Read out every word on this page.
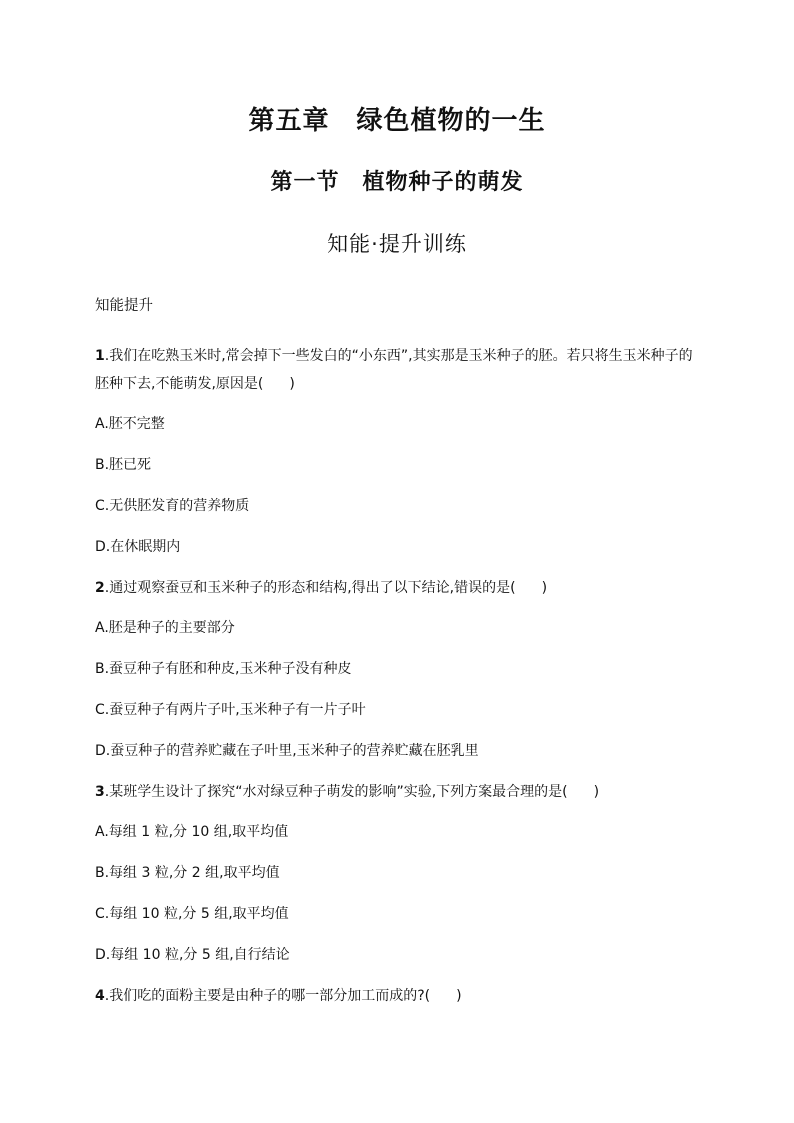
第五章　绿色植物的一生
第一节　植物种子的萌发
知能·提升训练
知能提升
1.我们在吃熟玉米时,常会掉下一些发白的“小东西”,其实那是玉米种子的胚。若只将生玉米种子的
胚种下去,不能萌发,原因是( )
A.胚不完整
B.胚已死
C.无供胚发育的营养物质
D.在休眠期内
2.通过观察蚕豆和玉米种子的形态和结构,得出了以下结论,错误的是( )
A.胚是种子的主要部分
B.蚕豆种子有胚和种皮,玉米种子没有种皮
C.蚕豆种子有两片子叶,玉米种子有一片子叶
D.蚕豆种子的营养贮藏在子叶里,玉米种子的营养贮藏在胚乳里
3.某班学生设计了探究“水对绿豆种子萌发的影响”实验,下列方案最合理的是( )
A.每组 1 粒,分 10 组,取平均值
B.每组 3 粒,分 2 组,取平均值
C.每组 10 粒,分 5 组,取平均值
D.每组 10 粒,分 5 组,自行结论
4.我们吃的面粉主要是由种子的哪一部分加工而成的?( )
